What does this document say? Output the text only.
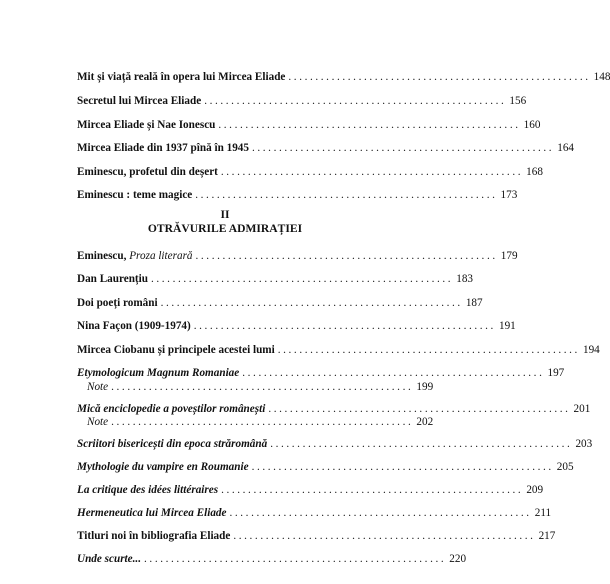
Mit și viață reală în opera lui Mircea Eliade ........................................................ 148
Secretul lui Mircea Eliade ........................................................ 156
Mircea Eliade și Nae Ionescu ........................................................ 160
Mircea Eliade din 1937 pînă în 1945 ........................................................ 164
Eminescu, profetul din deșert ........................................................ 168
Eminescu : teme magice ........................................................ 173
II
OTRĂVURILE ADMIRAȚIEI
Eminescu, Proza literară ........................................................ 179
Dan Laurențiu ........................................................ 183
Doi poeți români ........................................................ 187
Nina Façon (1909-1974) ........................................................ 191
Mircea Ciobanu și principele acestei lumi ........................................................ 194
Etymologicum Magnum Romaniae ........................................................ 197
Note ........................................................ 199
Mică enciclopedie a poveștilor românești ........................................................ 201
Note ........................................................ 202
Scriitori bisericești din epoca străromână ........................................................ 203
Mythologie du vampire en Roumanie ........................................................ 205
La critique des idées littéraires ........................................................ 209
Hermeneutica lui Mircea Eliade ........................................................ 211
Titluri noi în bibliografia Eliade ........................................................ 217
Unde scurte... ........................................................ 220
